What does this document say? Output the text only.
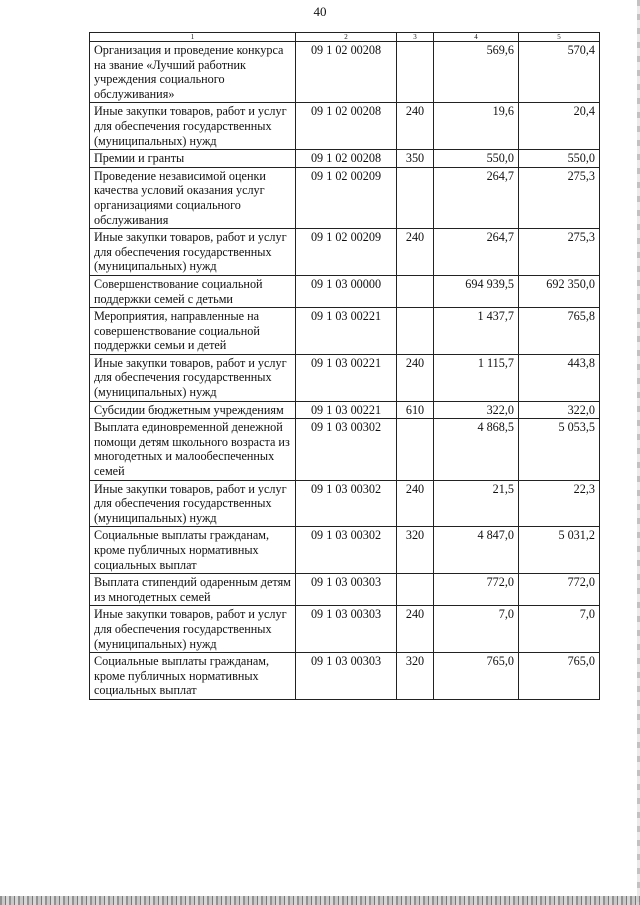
40
1	2	3	4	5
Организация и проведение конкурса на звание «Лучший работник учреждения социального обслуживания»	09 1 02 00208		569,6	570,4
Иные закупки товаров, работ и услуг для обеспечения государственных (муниципальных) нужд	09 1 02 00208	240	19,6	20,4
Премии и гранты	09 1 02 00208	350	550,0	550,0
Проведение независимой оценки качества условий оказания услуг организациями социального обслуживания	09 1 02 00209		264,7	275,3
Иные закупки товаров, работ и услуг для обеспечения государственных (муниципальных) нужд	09 1 02 00209	240	264,7	275,3
Совершенствование социальной поддержки семей с детьми	09 1 03 00000		694 939,5	692 350,0
Мероприятия, направленные на совершенствование социальной поддержки семьи и детей	09 1 03 00221		1 437,7	765,8
Иные закупки товаров, работ и услуг для обеспечения государственных (муниципальных) нужд	09 1 03 00221	240	1 115,7	443,8
Субсидии бюджетным учреждениям	09 1 03 00221	610	322,0	322,0
Выплата единовременной денежной помощи детям школьного возраста из многодетных и малообеспеченных семей	09 1 03 00302		4 868,5	5 053,5
Иные закупки товаров, работ и услуг для обеспечения государственных (муниципальных) нужд	09 1 03 00302	240	21,5	22,3
Социальные выплаты гражданам, кроме публичных нормативных социальных выплат	09 1 03 00302	320	4 847,0	5 031,2
Выплата стипендий одаренным детям из многодетных семей	09 1 03 00303		772,0	772,0
Иные закупки товаров, работ и услуг для обеспечения государственных (муниципальных) нужд	09 1 03 00303	240	7,0	7,0
Социальные выплаты гражданам, кроме публичных нормативных социальных выплат	09 1 03 00303	320	765,0	765,0
